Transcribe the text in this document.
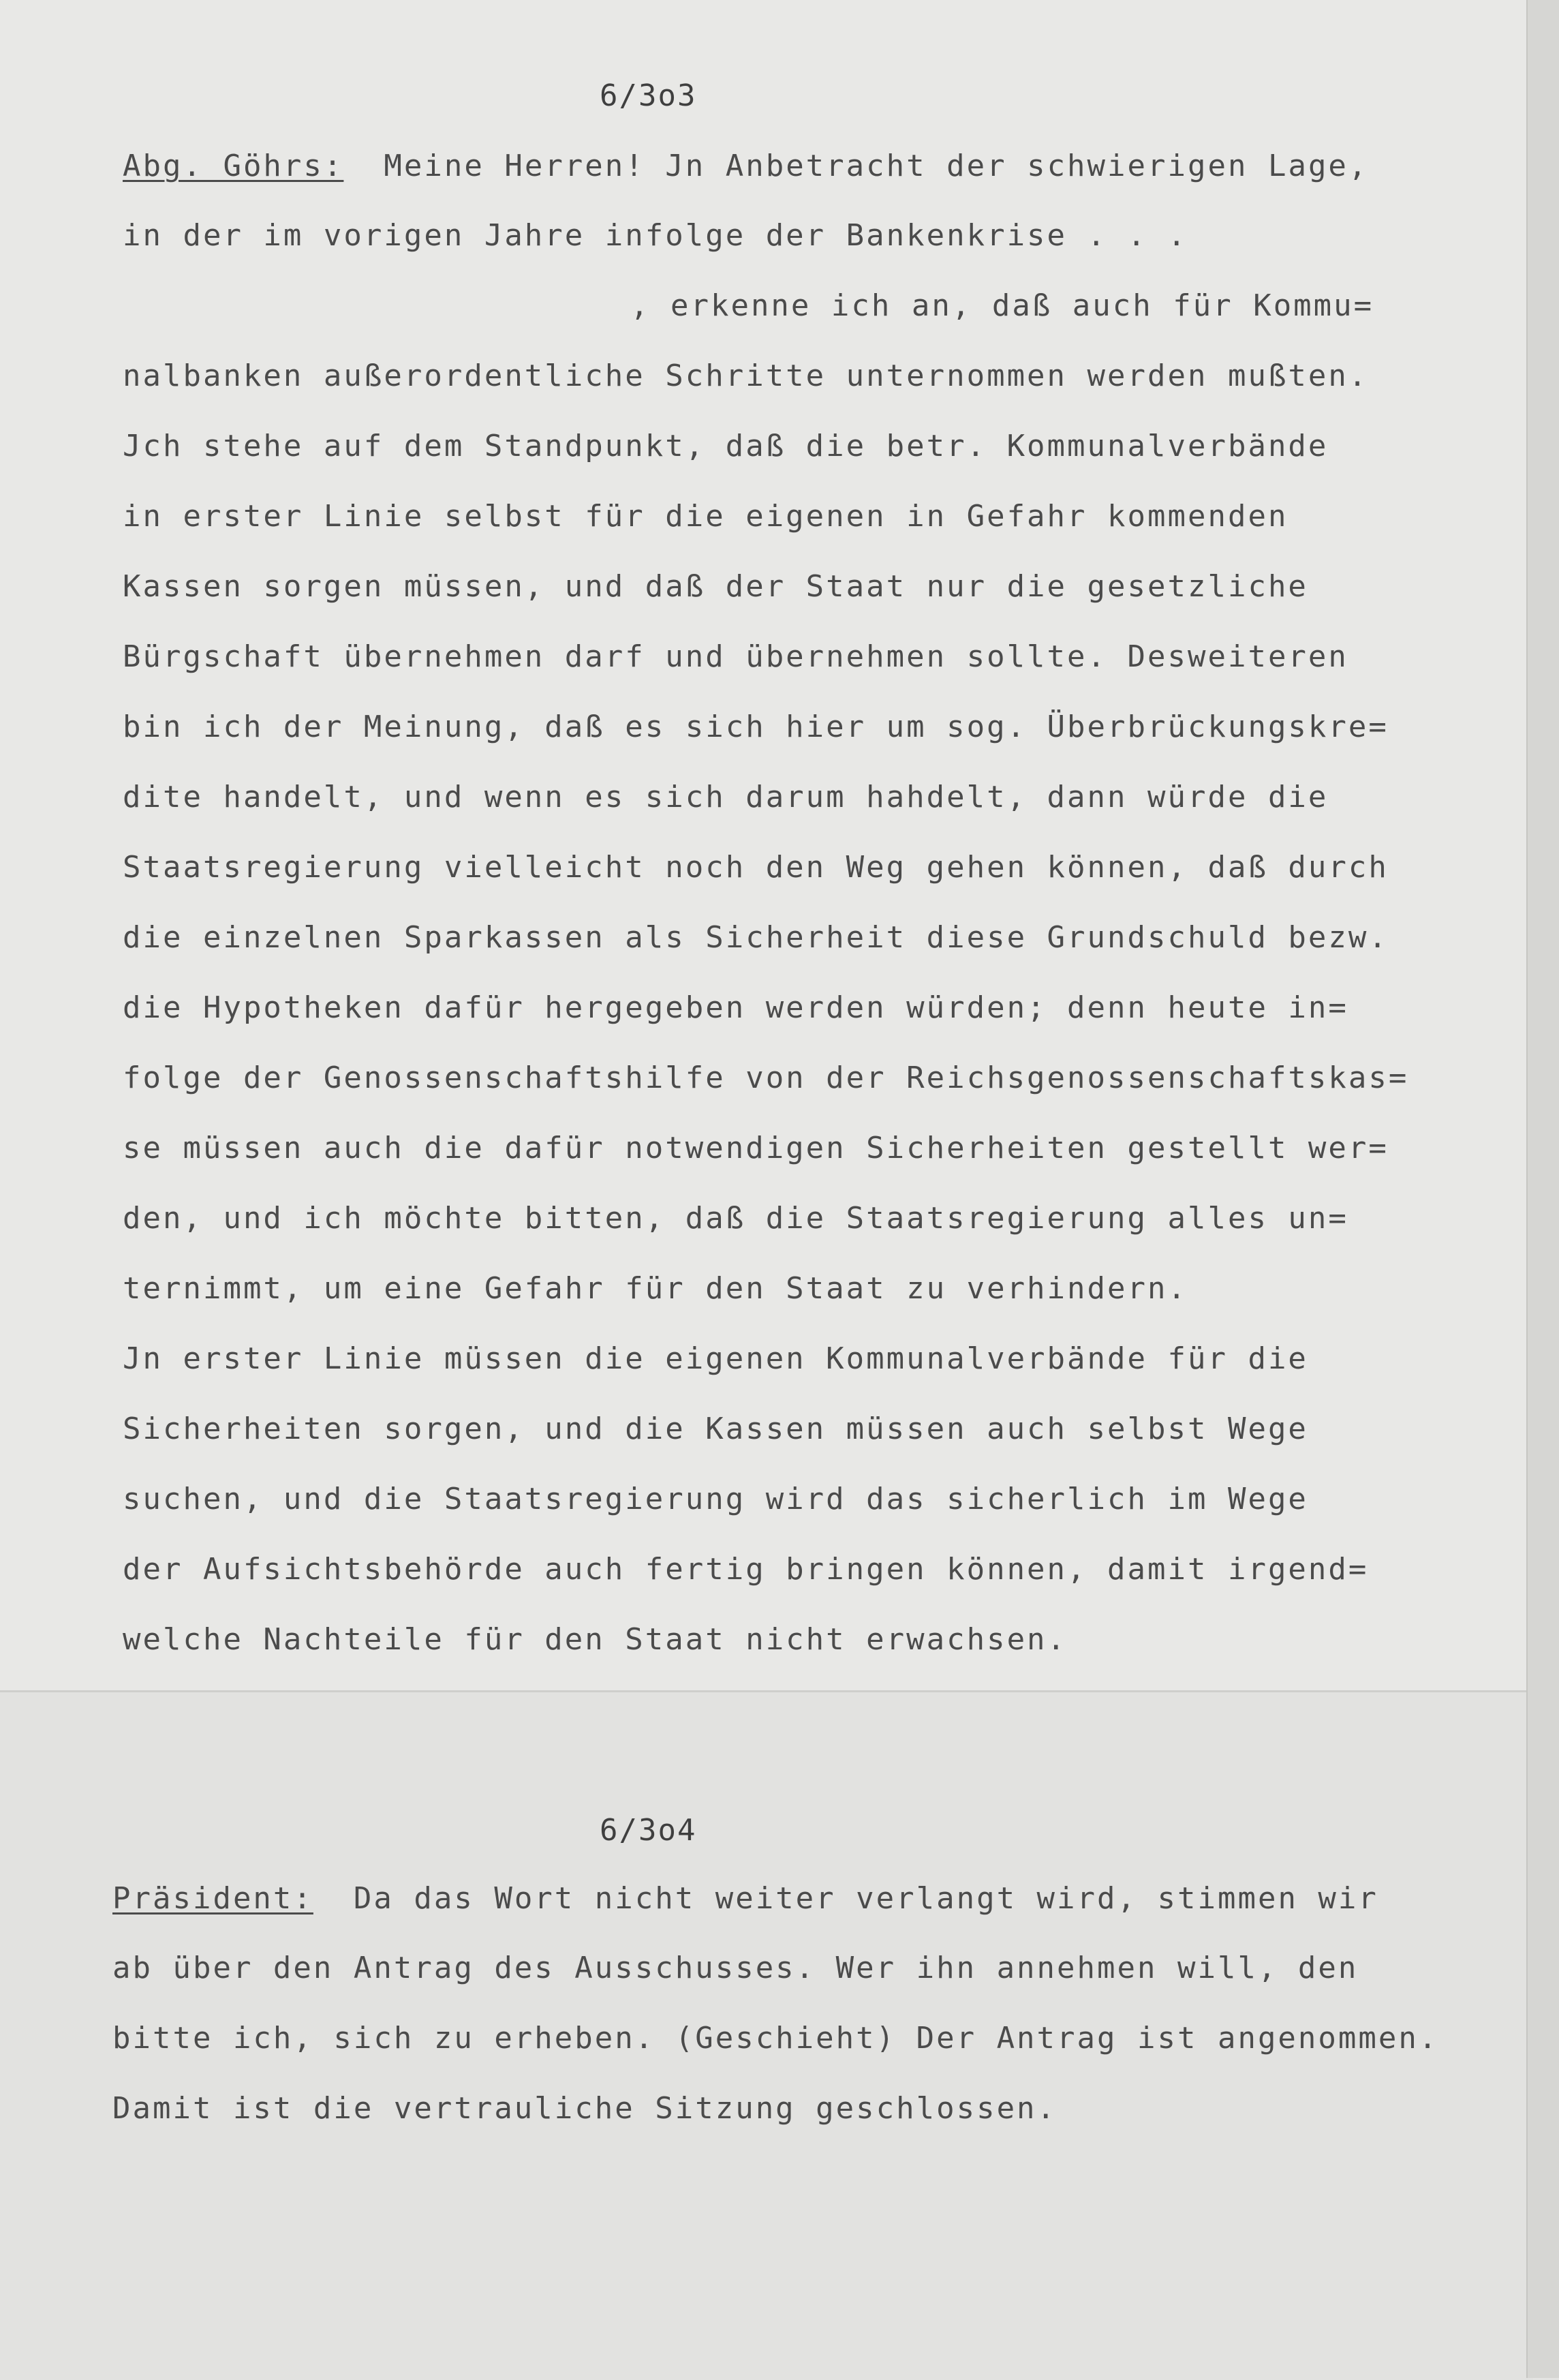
6/3o3
Abg. Göhrs: Meine Herren! Jn Anbetracht der schwierigen Lage,
in der im vorigen Jahre infolge der Bankenkrise . . .
, erkenne ich an, daß auch für Kommu=
nalbanken außerordentliche Schritte unternommen werden mußten.
Jch stehe auf dem Standpunkt, daß die betr. Kommunalverbände
in erster Linie selbst für die eigenen in Gefahr kommenden
Kassen sorgen müssen, und daß der Staat nur die gesetzliche
Bürgschaft übernehmen darf und übernehmen sollte. Desweiteren
bin ich der Meinung, daß es sich hier um sog. Überbrückungskre=
dite handelt, und wenn es sich darum hahdelt, dann würde die
Staatsregierung vielleicht noch den Weg gehen können, daß durch
die einzelnen Sparkassen als Sicherheit diese Grundschuld bezw.
die Hypotheken dafür hergegeben werden würden; denn heute in=
folge der Genossenschaftshilfe von der Reichsgenossenschaftskas=
se müssen auch die dafür notwendigen Sicherheiten gestellt wer=
den, und ich möchte bitten, daß die Staatsregierung alles un=
ternimmt, um eine Gefahr für den Staat zu verhindern.
Jn erster Linie müssen die eigenen Kommunalverbände für die
Sicherheiten sorgen, und die Kassen müssen auch selbst Wege
suchen, und die Staatsregierung wird das sicherlich im Wege
der Aufsichtsbehörde auch fertig bringen können, damit irgend=
welche Nachteile für den Staat nicht erwachsen.
6/3o4
Präsident: Da das Wort nicht weiter verlangt wird, stimmen wir
ab über den Antrag des Ausschusses. Wer ihn annehmen will, den
bitte ich, sich zu erheben. (Geschieht) Der Antrag ist angenommen.
Damit ist die vertrauliche Sitzung geschlossen.
